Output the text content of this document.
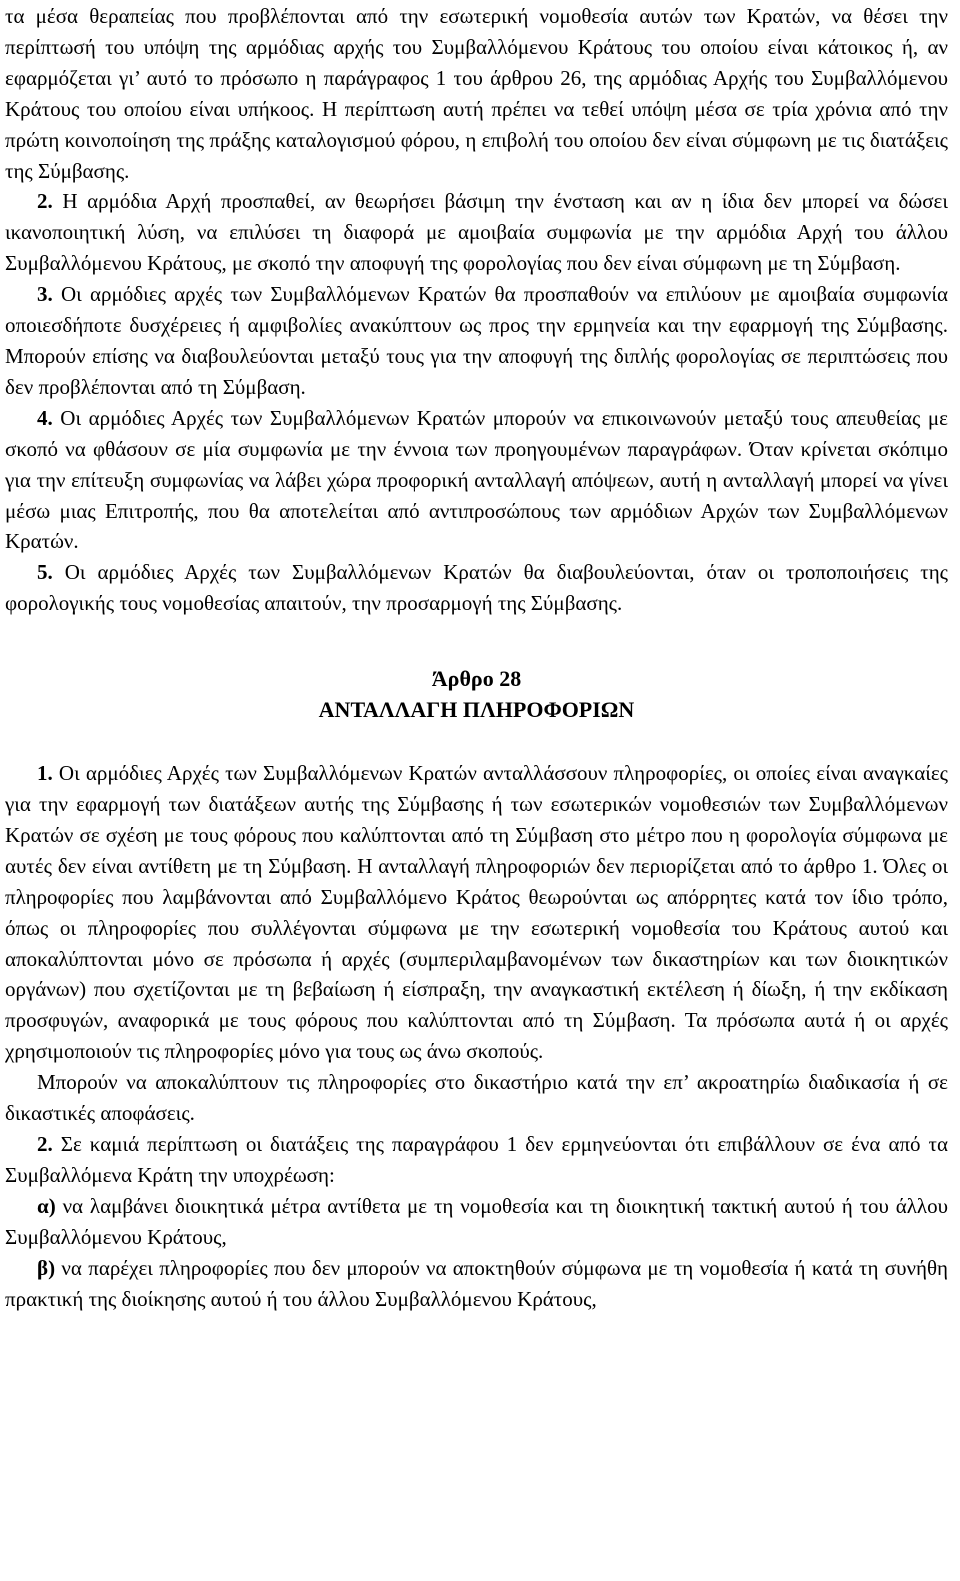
τα μέσα θεραπείας που προβλέπονται από την εσωτερική νομοθεσία αυτών των Κρατών, να θέσει την περίπτωσή του υπόψη της αρμόδιας αρχής του Συμβαλλόμενου Κράτους του οποίου είναι κάτοικος ή, αν εφαρμόζεται γι’ αυτό το πρόσωπο η παράγραφος 1 του άρθρου 26, της αρμόδιας Αρχής του Συμβαλλόμενου Κράτους του οποίου είναι υπήκοος. Η περίπτωση αυτή πρέπει να τεθεί υπόψη μέσα σε τρία χρόνια από την πρώτη κοινοποίηση της πράξης καταλογισμού φόρου, η επιβολή του οποίου δεν είναι σύμφωνη με τις διατάξεις της Σύμβασης.

2. Η αρμόδια Αρχή προσπαθεί, αν θεωρήσει βάσιμη την ένσταση και αν η ίδια δεν μπορεί να δώσει ικανοποιητική λύση, να επιλύσει τη διαφορά με αμοιβαία συμφωνία με την αρμόδια Αρχή του άλλου Συμβαλλόμενου Κράτους, με σκοπό την αποφυγή της φορολογίας που δεν είναι σύμφωνη με τη Σύμβαση.

3. Οι αρμόδιες αρχές των Συμβαλλόμενων Κρατών θα προσπαθούν να επιλύουν με αμοιβαία συμφωνία οποιεσδήποτε δυσχέρειες ή αμφιβολίες ανακύπτουν ως προς την ερμηνεία και την εφαρμογή της Σύμβασης. Μπορούν επίσης να διαβουλεύονται μεταξύ τους για την αποφυγή της διπλής φορολογίας σε περιπτώσεις που δεν προβλέπονται από τη Σύμβαση.

4. Οι αρμόδιες Αρχές των Συμβαλλόμενων Κρατών μπορούν να επικοινωνούν μεταξύ τους απευθείας με σκοπό να φθάσουν σε μία συμφωνία με την έννοια των προηγουμένων παραγράφων. Όταν κρίνεται σκόπιμο για την επίτευξη συμφωνίας να λάβει χώρα προφορική ανταλλαγή απόψεων, αυτή η ανταλλαγή μπορεί να γίνει μέσω μιας Επιτροπής, που θα αποτελείται από αντιπροσώπους των αρμόδιων Αρχών των Συμβαλλόμενων Κρατών.

5. Οι αρμόδιες Αρχές των Συμβαλλόμενων Κρατών θα διαβουλεύονται, όταν οι τροποποιήσεις της φορολογικής τους νομοθεσίας απαιτούν, την προσαρμογή της Σύμβασης.

Άρθρο 28
ΑΝΤΑΛΛΑΓΗ ΠΛΗΡΟΦΟΡΙΩΝ

1. Οι αρμόδιες Αρχές των Συμβαλλόμενων Κρατών ανταλλάσσουν πληροφορίες, οι οποίες είναι αναγκαίες για την εφαρμογή των διατάξεων αυτής της Σύμβασης ή των εσωτερικών νομοθεσιών των Συμβαλλόμενων Κρατών σε σχέση με τους φόρους που καλύπτονται από τη Σύμβαση στο μέτρο που η φορολογία σύμφωνα με αυτές δεν είναι αντίθετη με τη Σύμβαση. Η ανταλλαγή πληροφοριών δεν περιορίζεται από το άρθρο 1. Όλες οι πληροφορίες που λαμβάνονται από Συμβαλλόμενο Κράτος θεωρούνται ως απόρρητες κατά τον ίδιο τρόπο, όπως οι πληροφορίες που συλλέγονται σύμφωνα με την εσωτερική νομοθεσία του Κράτους αυτού και αποκαλύπτονται μόνο σε πρόσωπα ή αρχές (συμπεριλαμβανομένων των δικαστηρίων και των διοικητικών οργάνων) που σχετίζονται με τη βεβαίωση ή είσπραξη, την αναγκαστική εκτέλεση ή δίωξη, ή την εκδίκαση προσφυγών, αναφορικά με τους φόρους που καλύπτονται από τη Σύμβαση. Τα πρόσωπα αυτά ή οι αρχές χρησιμοποιούν τις πληροφορίες μόνο για τους ως άνω σκοπούς.

Μπορούν να αποκαλύπτουν τις πληροφορίες στο δικαστήριο κατά την επ’ ακροατηρίω διαδικασία ή σε δικαστικές αποφάσεις.

2. Σε καμιά περίπτωση οι διατάξεις της παραγράφου 1 δεν ερμηνεύονται ότι επιβάλλουν σε ένα από τα Συμβαλλόμενα Κράτη την υποχρέωση:

α) να λαμβάνει διοικητικά μέτρα αντίθετα με τη νομοθεσία και τη διοικητική τακτική αυτού ή του άλλου Συμβαλλόμενου Κράτους,

β) να παρέχει πληροφορίες που δεν μπορούν να αποκτηθούν σύμφωνα με τη νομοθεσία ή κατά τη συνήθη πρακτική της διοίκησης αυτού ή του άλλου Συμβαλλόμενου Κράτους,
